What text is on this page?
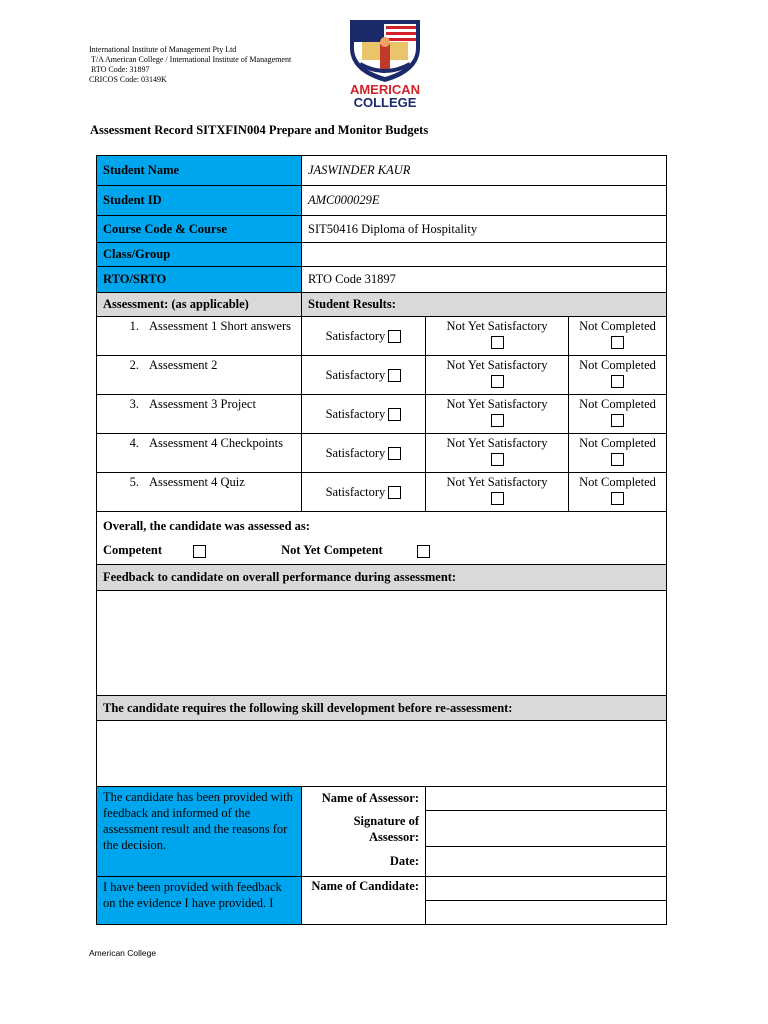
International Institute of Management Pty Ltd
T/A American College / International Institute of Management
RTO Code: 31897
CRICOS Code: 03149K
AMERICAN
COLLEGE
Assessment Record SITXFIN004 Prepare and Monitor Budgets
Student Name	JASWINDER KAUR		
Student ID	AMC000029E		
Course Code & Course	SIT50416 Diploma of Hospitality		
Class/Group			
RTO/SRTO	RTO Code 31897		
Assessment: (as applicable)	Student Results:		

1. Assessment 1 Short answers	Satisfactory	Not Yet Satisfactory	Not Completed

2. Assessment 2	Satisfactory	Not Yet Satisfactory	Not Completed

3. Assessment 3 Project	Satisfactory	Not Yet Satisfactory	Not Completed

4. Assessment 4 Checkpoints	Satisfactory	Not Yet Satisfactory	Not Completed

5. Assessment 4 Quiz	Satisfactory	Not Yet Satisfactory	Not Completed

Overall, the candidate was assessed as:
Competent Not Yet Competent			

Feedback to candidate on overall performance during assessment:			

The candidate requires the following skill development before re-assessment:			

The candidate has been provided with feedback and informed of the assessment result and the reasons for the decision.	Name of Assessor:		
	Signature of Assessor:		
	Date:		
I have been provided with feedback on the evidence I have provided. I	Name of Candidate:		

American College
